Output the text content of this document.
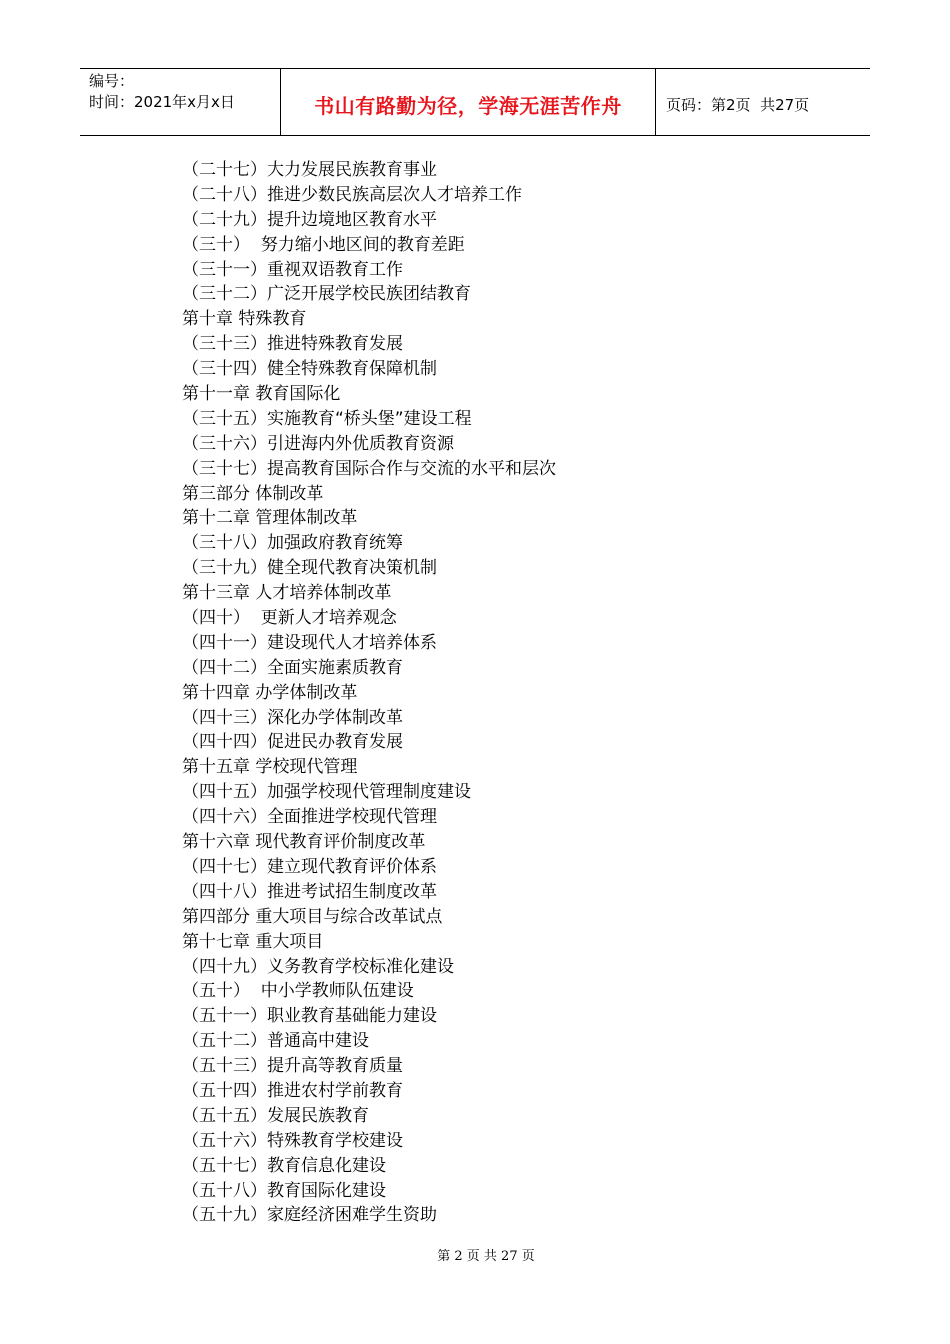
编号：
时间：2021年x月x日	书山有路勤为径，学海无涯苦作舟	页码：第2页  共27页
（二十七）大力发展民族教育事业
（二十八）推进少数民族高层次人才培养工作
（二十九）提升边境地区教育水平
（三十）  努力缩小地区间的教育差距
（三十一）重视双语教育工作
（三十二）广泛开展学校民族团结教育
第十章 特殊教育
（三十三）推进特殊教育发展
（三十四）健全特殊教育保障机制
第十一章 教育国际化
（三十五）实施教育“桥头堡”建设工程
（三十六）引进海内外优质教育资源
（三十七）提高教育国际合作与交流的水平和层次
第三部分 体制改革
第十二章 管理体制改革
（三十八）加强政府教育统筹
（三十九）健全现代教育决策机制
第十三章 人才培养体制改革
（四十）  更新人才培养观念
（四十一）建设现代人才培养体系
（四十二）全面实施素质教育
第十四章 办学体制改革
（四十三）深化办学体制改革
（四十四）促进民办教育发展
第十五章 学校现代管理
（四十五）加强学校现代管理制度建设
（四十六）全面推进学校现代管理
第十六章 现代教育评价制度改革
（四十七）建立现代教育评价体系
（四十八）推进考试招生制度改革
第四部分 重大项目与综合改革试点
第十七章 重大项目
（四十九）义务教育学校标准化建设
（五十）  中小学教师队伍建设
（五十一）职业教育基础能力建设
（五十二）普通高中建设
（五十三）提升高等教育质量
（五十四）推进农村学前教育
（五十五）发展民族教育
（五十六）特殊教育学校建设
（五十七）教育信息化建设
（五十八）教育国际化建设
（五十九）家庭经济困难学生资助
第 2 页 共 27 页
